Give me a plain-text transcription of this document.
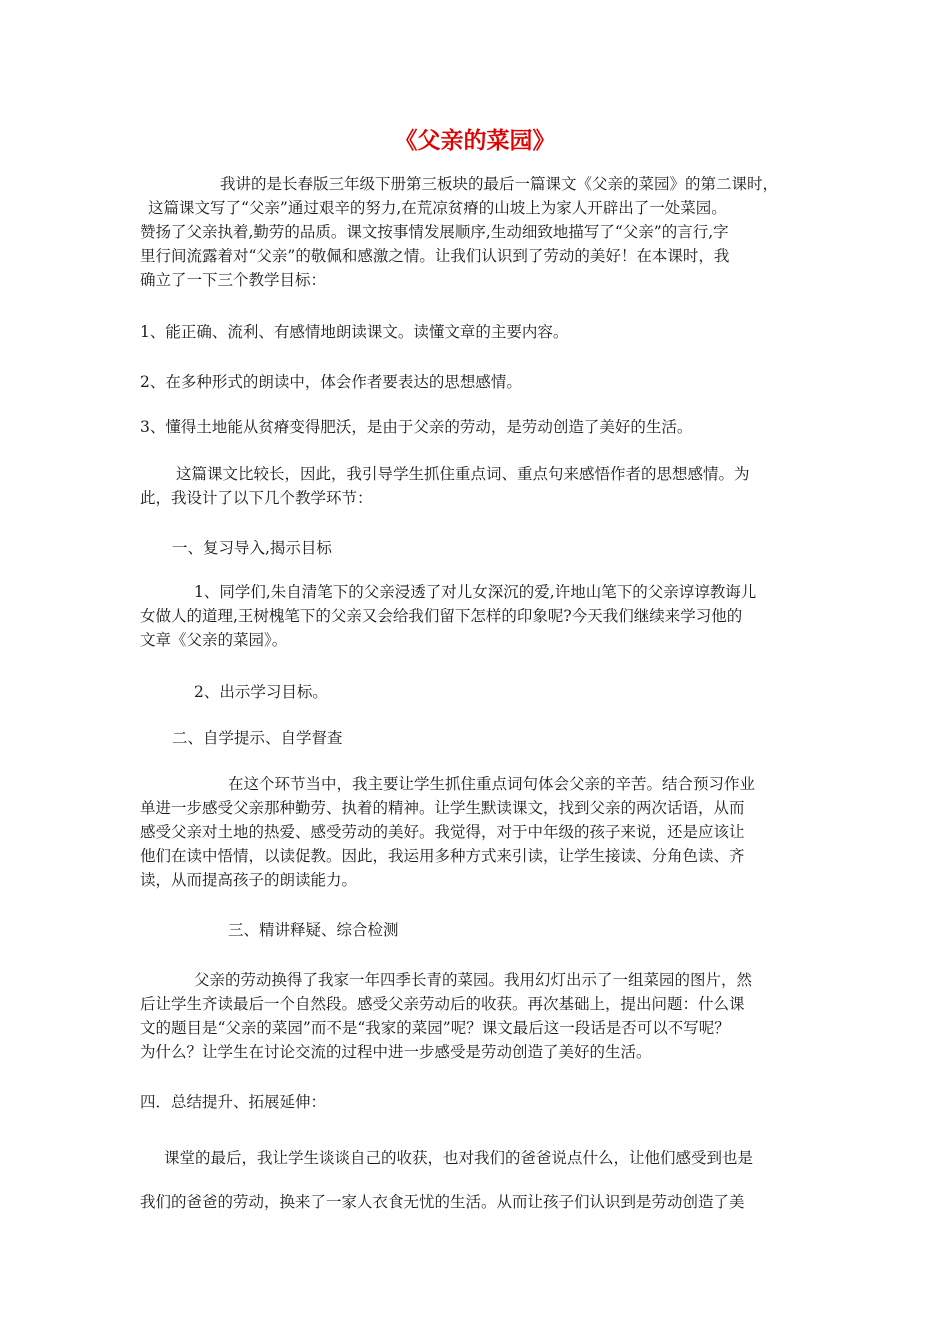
《父亲的菜园》
我讲的是长春版三年级下册第三板块的最后一篇课文《父亲的菜园》的第二课时，
这篇课文写了“父亲”通过艰辛的努力,在荒凉贫瘠的山坡上为家人开辟出了一处菜园。
赞扬了父亲执着,勤劳的品质。课文按事情发展顺序,生动细致地描写了“父亲”的言行,字
里行间流露着对“父亲”的敬佩和感激之情。让我们认识到了劳动的美好！在本课时，我
确立了一下三个教学目标：
1、能正确、流利、有感情地朗读课文。读懂文章的主要内容。
2、在多种形式的朗读中，体会作者要表达的思想感情。
3、懂得土地能从贫瘠变得肥沃，是由于父亲的劳动，是劳动创造了美好的生活。
这篇课文比较长，因此，我引导学生抓住重点词、重点句来感悟作者的思想感情。为
此，我设计了以下几个教学环节：
一、复习导入,揭示目标
1、同学们,朱自清笔下的父亲浸透了对儿女深沉的爱,许地山笔下的父亲谆谆教诲儿
女做人的道理,王树槐笔下的父亲又会给我们留下怎样的印象呢?今天我们继续来学习他的
文章《父亲的菜园》。
2、出示学习目标。
二、自学提示、自学督查
在这个环节当中，我主要让学生抓住重点词句体会父亲的辛苦。结合预习作业
单进一步感受父亲那种勤劳、执着的精神。让学生默读课文，找到父亲的两次话语，从而
感受父亲对土地的热爱、感受劳动的美好。我觉得，对于中年级的孩子来说，还是应该让
他们在读中悟情，以读促教。因此，我运用多种方式来引读，让学生接读、分角色读、齐
读，从而提高孩子的朗读能力。
三、精讲释疑、综合检测
父亲的劳动换得了我家一年四季长青的菜园。我用幻灯出示了一组菜园的图片，然
后让学生齐读最后一个自然段。感受父亲劳动后的收获。再次基础上，提出问题：什么课
文的题目是“父亲的菜园”而不是“我家的菜园”呢？课文最后这一段话是否可以不写呢？
为什么？让学生在讨论交流的过程中进一步感受是劳动创造了美好的生活。
四．总结提升、拓展延伸：
课堂的最后，我让学生谈谈自己的收获，也对我们的爸爸说点什么，让他们感受到也是
我们的爸爸的劳动，换来了一家人衣食无忧的生活。从而让孩子们认识到是劳动创造了美
